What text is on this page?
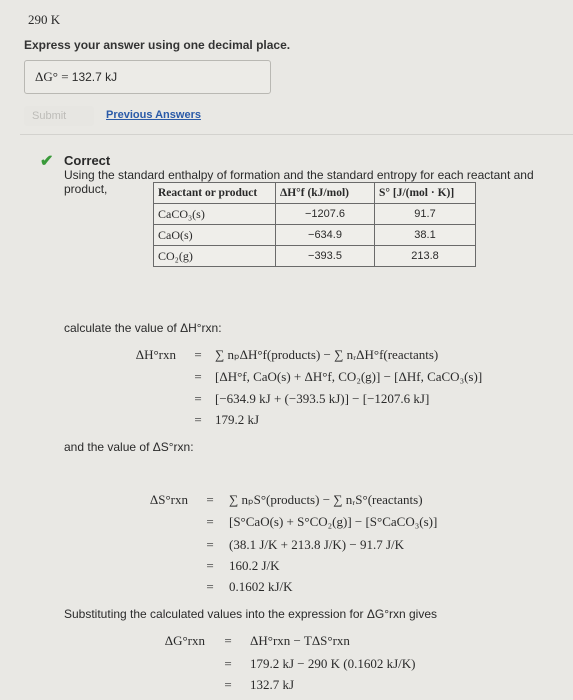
290 K
Express your answer using one decimal place.
ΔG° = 132.7 kJ
Submit	Previous Answers
✔ Correct
Using the standard enthalpy of formation and the standard entropy for each reactant and product,	Reactant or product	ΔH°f (kJ/mol)	S° [J/(mol · K)]
CaCO₃(s)	−1207.6	91.7
CaO(s)	−634.9	38.1
CO₂(g)	−393.5	213.8
calculate the value of ΔH°rxn:
ΔH°rxn	=	∑ nₚΔH°f(products) − ∑ nᵣΔH°f(reactants)
=	[ΔH°f, CaO(s) + ΔH°f, CO₂(g)] − [ΔHf, CaCO₃(s)]
=	[−634.9 kJ + (−393.5 kJ)] − [−1207.6 kJ]
=	179.2 kJ
and the value of ΔS°rxn:
ΔS°rxn	=	∑ nₚS°(products) − ∑ nᵣS°(reactants)
=	[S°CaO(s) + S°CO₂(g)] − [S°CaCO₃(s)]
=	(38.1 J/K + 213.8 J/K) − 91.7 J/K
=	160.2 J/K
=	0.1602 kJ/K
Substituting the calculated values into the expression for ΔG°rxn gives
ΔG°rxn	=	ΔH°rxn − TΔS°rxn
=	179.2 kJ − 290 K (0.1602 kJ/K)
=	132.7 kJ
